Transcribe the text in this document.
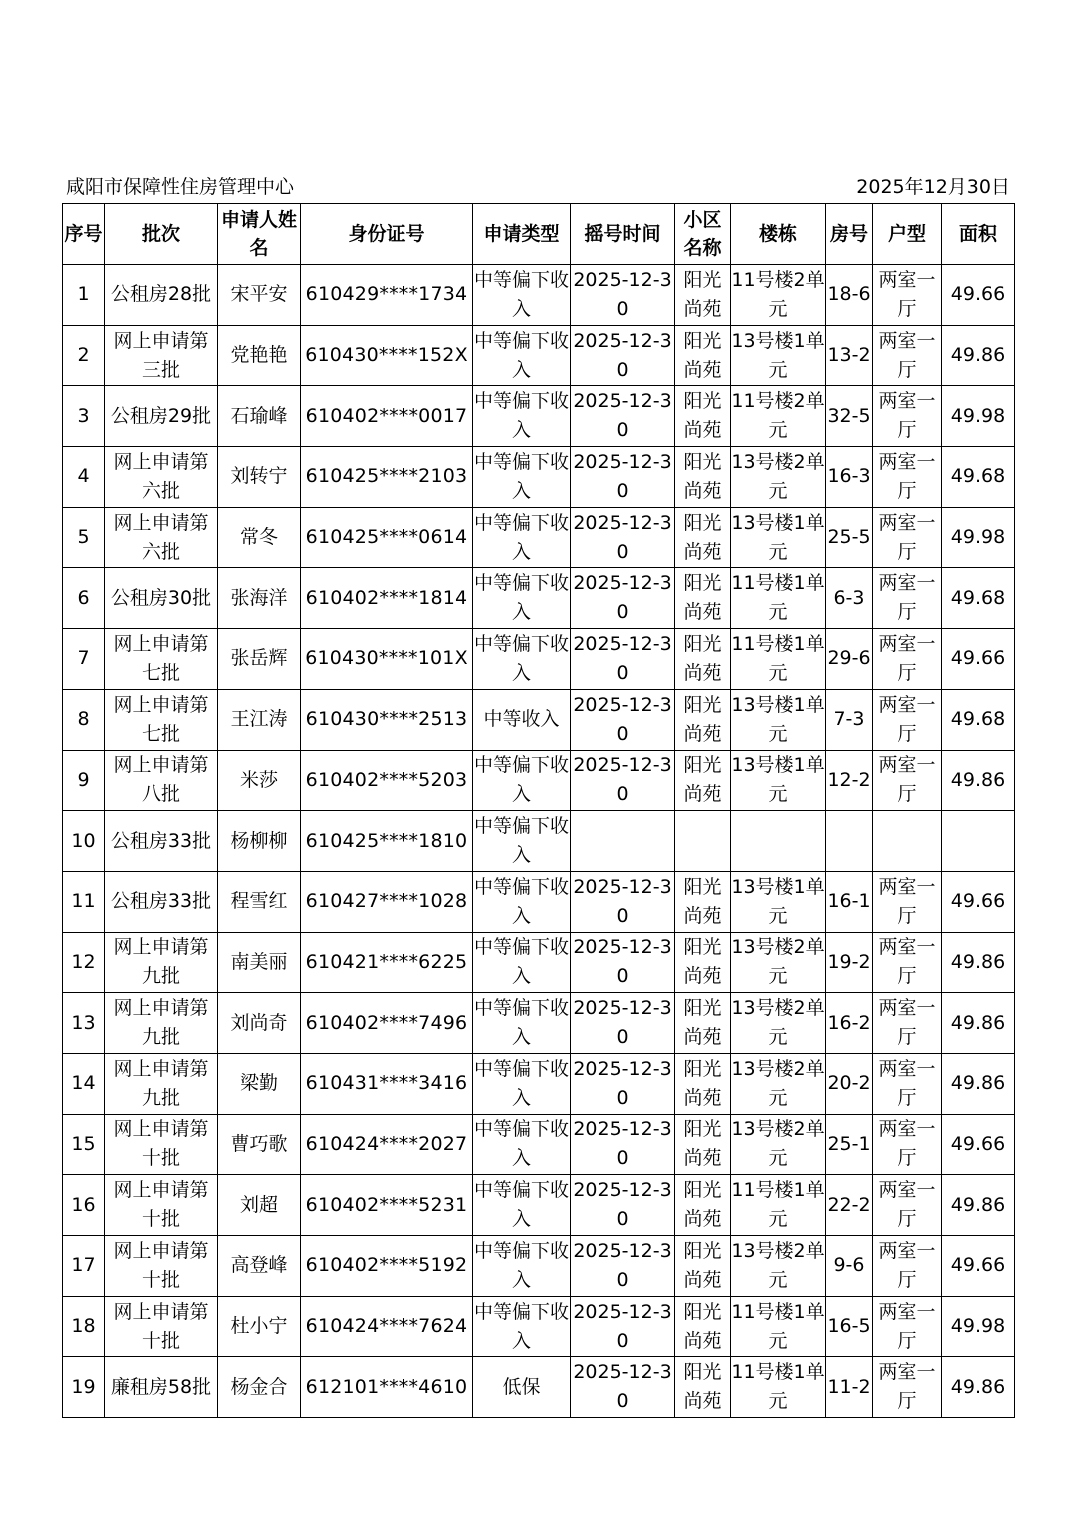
咸阳市保障性住房管理中心	2025年12月30日
序号	批次	申请人姓名	身份证号	申请类型	摇号时间	小区名称	楼栋	房号	户型	面积
1	公租房28批	宋平安	610429****1734	中等偏下收入	2025-12-30	阳光尚苑	11号楼2单元	18-6	两室一厅	49.66
2	网上申请第三批	党艳艳	610430****152X	中等偏下收入	2025-12-30	阳光尚苑	13号楼1单元	13-2	两室一厅	49.86
3	公租房29批	石瑜峰	610402****0017	中等偏下收入	2025-12-30	阳光尚苑	11号楼2单元	32-5	两室一厅	49.98
4	网上申请第六批	刘转宁	610425****2103	中等偏下收入	2025-12-30	阳光尚苑	13号楼2单元	16-3	两室一厅	49.68
5	网上申请第六批	常冬	610425****0614	中等偏下收入	2025-12-30	阳光尚苑	13号楼1单元	25-5	两室一厅	49.98
6	公租房30批	张海洋	610402****1814	中等偏下收入	2025-12-30	阳光尚苑	11号楼1单元	6-3	两室一厅	49.68
7	网上申请第七批	张岳辉	610430****101X	中等偏下收入	2025-12-30	阳光尚苑	11号楼1单元	29-6	两室一厅	49.66
8	网上申请第七批	王江涛	610430****2513	中等收入	2025-12-30	阳光尚苑	13号楼1单元	7-3	两室一厅	49.68
9	网上申请第八批	米莎	610402****5203	中等偏下收入	2025-12-30	阳光尚苑	13号楼1单元	12-2	两室一厅	49.86
10	公租房33批	杨柳柳	610425****1810	中等偏下收入						
11	公租房33批	程雪红	610427****1028	中等偏下收入	2025-12-30	阳光尚苑	13号楼1单元	16-1	两室一厅	49.66
12	网上申请第九批	南美丽	610421****6225	中等偏下收入	2025-12-30	阳光尚苑	13号楼2单元	19-2	两室一厅	49.86
13	网上申请第九批	刘尚奇	610402****7496	中等偏下收入	2025-12-30	阳光尚苑	13号楼2单元	16-2	两室一厅	49.86
14	网上申请第九批	梁勤	610431****3416	中等偏下收入	2025-12-30	阳光尚苑	13号楼2单元	20-2	两室一厅	49.86
15	网上申请第十批	曹巧歌	610424****2027	中等偏下收入	2025-12-30	阳光尚苑	13号楼2单元	25-1	两室一厅	49.66
16	网上申请第十批	刘超	610402****5231	中等偏下收入	2025-12-30	阳光尚苑	11号楼1单元	22-2	两室一厅	49.86
17	网上申请第十批	高登峰	610402****5192	中等偏下收入	2025-12-30	阳光尚苑	13号楼2单元	9-6	两室一厅	49.66
18	网上申请第十批	杜小宁	610424****7624	中等偏下收入	2025-12-30	阳光尚苑	11号楼1单元	16-5	两室一厅	49.98
19	廉租房58批	杨金合	612101****4610	低保	2025-12-30	阳光尚苑	11号楼1单元	11-2	两室一厅	49.86
